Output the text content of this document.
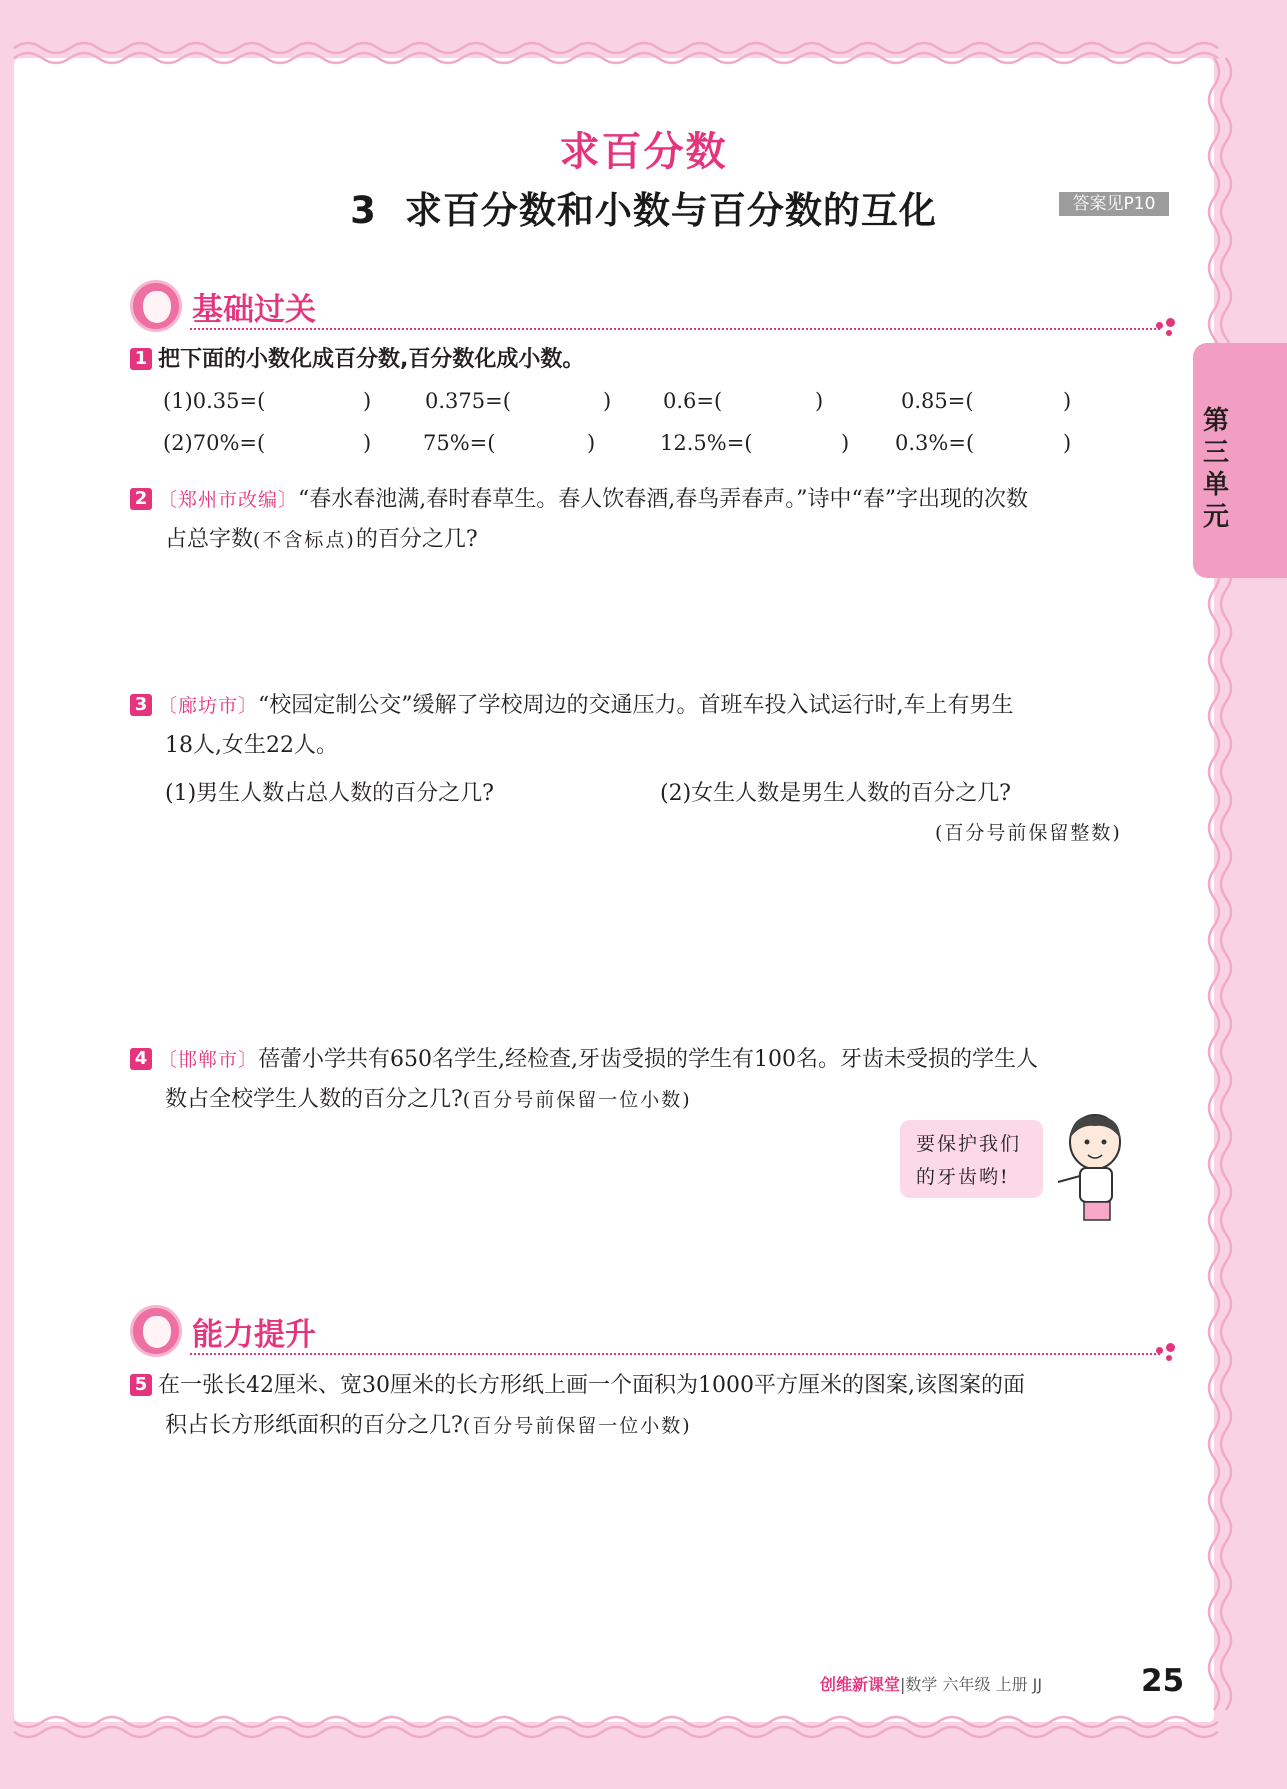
第三单元
求百分数
3 求百分数和小数与百分数的互化	答案见P10
基础过关
1 把下面的小数化成百分数,百分数化成小数。
(1)0.35=(	)	0.375=(	) 0.6=(	)	0.85=(	)
(2)70%=(	) 75%=(	)	12.5%=(	) 0.3%=(	)
2 〔郑州市改编〕“春水春池满,春时春草生。春人饮春酒,春鸟弄春声。”诗中“春”字出现的次数
占总字数(不含标点)的百分之几?
3 〔廊坊市〕“校园定制公交”缓解了学校周边的交通压力。首班车投入试运行时,车上有男生
18人,女生22人。
(1)男生人数占总人数的百分之几?	(2)女生人数是男生人数的百分之几?
(百分号前保留整数)
4 〔邯郸市〕蓓蕾小学共有650名学生,经检查,牙齿受损的学生有100名。牙齿未受损的学生人
数占全校学生人数的百分之几?(百分号前保留一位小数)
要保护我们
的牙齿哟!
能力提升
5 在一张长42厘米、宽30厘米的长方形纸上画一个面积为1000平方厘米的图案,该图案的面
积占长方形纸面积的百分之几?(百分号前保留一位小数)
创维新课堂|数学 六年级 上册 JJ	25
